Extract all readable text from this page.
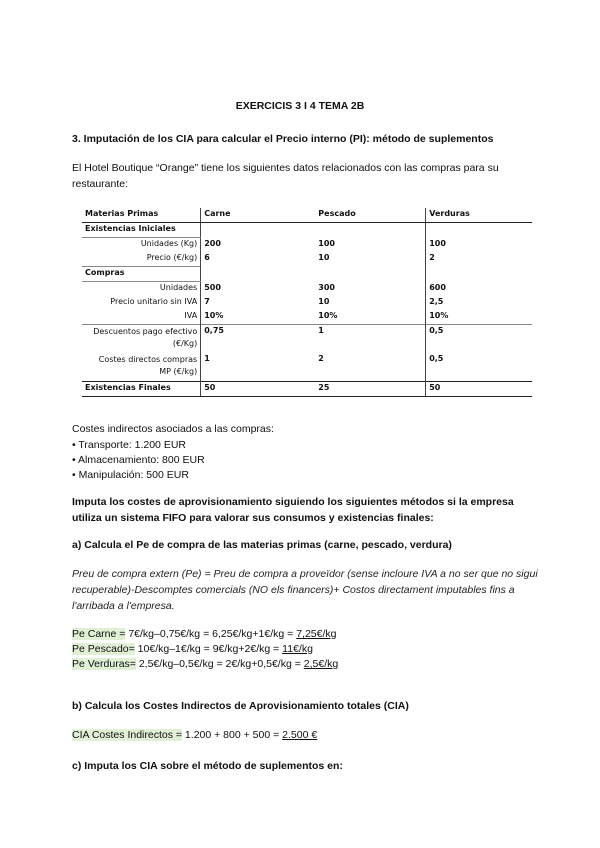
EXERCICIS 3 I 4 TEMA 2B
3. Imputación de los CIA para calcular el Precio interno (PI): método de suplementos
El Hotel Boutique “Orange” tiene los siguientes datos relacionados con las compras para su restaurante:
Materias Primas	Carne	Pescado	Verduras
Existencias Iniciales			
Unidades (Kg)	200	100	100
Precio (€/kg)	6	10	2
Compras			
Unidades	500	300	600
Precio unitario sin IVA	7	10	2,5
IVA	10%	10%	10%
Descuentos pago efectivo (€/Kg)	0,75	1	0,5
Costes directos compras MP (€/kg)	1	2	0,5
Existencias Finales	50	25	50
Costes indirectos asociados a las compras:
• Transporte: 1.200 EUR
• Almacenamiento: 800 EUR
• Manipulación: 500 EUR
Imputa los costes de aprovisionamiento siguiendo los siguientes métodos si la empresa utiliza un sistema FIFO para valorar sus consumos y existencias finales:
a) Calcula el Pe de compra de las materias primas (carne, pescado, verdura)
Preu de compra extern (Pe) = Preu de compra a proveïdor (sense incloure IVA a no ser que no sigui recuperable)-Descomptes comercials (NO els financers)+ Costos directament imputables fins a l'arribada a l'empresa.
Pe Carne = 7€/kg–0,75€/kg = 6,25€/kg+1€/kg = 7,25€/kg
Pe Pescado= 10€/kg–1€/kg = 9€/kg+2€/kg = 11€/kg
Pe Verduras= 2,5€/kg–0,5€/kg = 2€/kg+0,5€/kg = 2,5€/kg
b) Calcula los Costes Indirectos de Aprovisionamiento totales (CIA)
CIA Costes Indirectos = 1.200 + 800 + 500 = 2.500 €
c) Imputa los CIA sobre el método de suplementos en:
